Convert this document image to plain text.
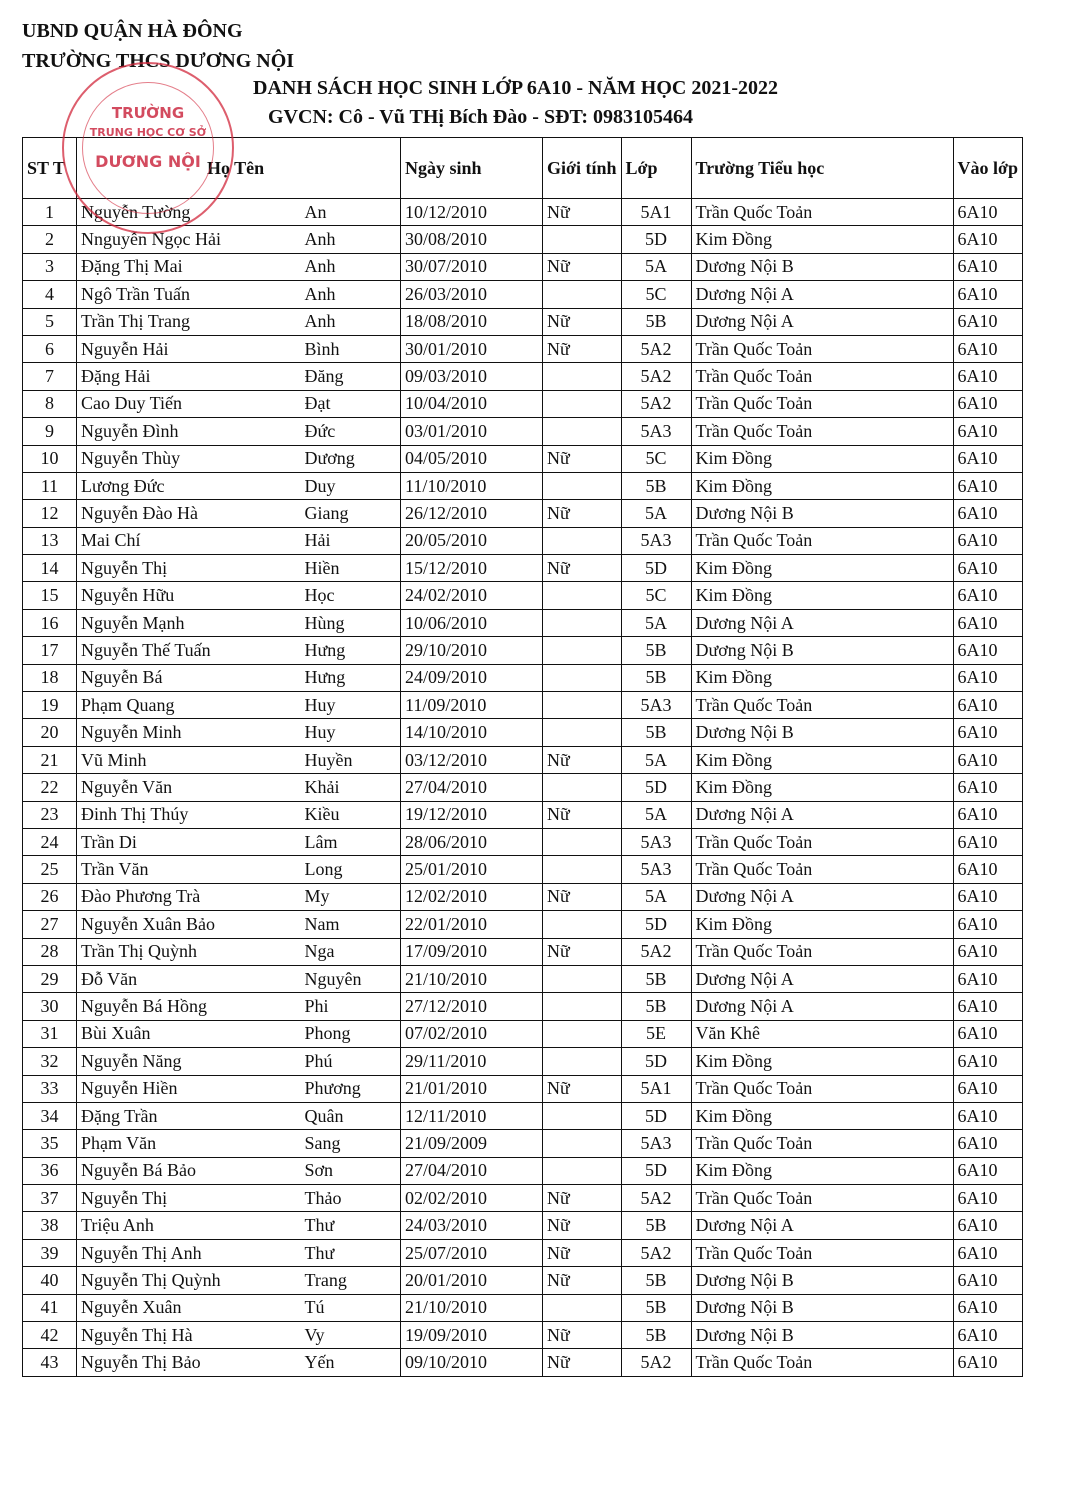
UBND QUẬN HÀ ĐÔNG
TRƯỜNG THCS DƯƠNG NỘI
DANH SÁCH HỌC SINH LỚP 6A10 - NĂM HỌC 2021-2022
GVCN: Cô - Vũ THị Bích Đào - SĐT: 0983105464
ST T	Họ Tên		Ngày sinh	Giới tính	Lớp	Trường Tiểu học	Vào lớp
1	Nguyễn Tường	An	10/12/2010	Nữ	5A1	Trần Quốc Toản	6A10
2	Nnguyễn Ngọc Hải	Anh	30/08/2010		5D	Kim Đồng	6A10
3	Đặng Thị Mai	Anh	30/07/2010	Nữ	5A	Dương Nội B	6A10
4	Ngô Trần Tuấn	Anh	26/03/2010		5C	Dương Nội A	6A10
5	Trần Thị Trang	Anh	18/08/2010	Nữ	5B	Dương Nội A	6A10
6	Nguyễn Hải	Bình	30/01/2010	Nữ	5A2	Trần Quốc Toản	6A10
7	Đặng Hải	Đăng	09/03/2010		5A2	Trần Quốc Toản	6A10
8	Cao Duy Tiến	Đạt	10/04/2010		5A2	Trần Quốc Toản	6A10
9	Nguyễn Đình	Đức	03/01/2010		5A3	Trần Quốc Toản	6A10
10	Nguyễn Thùy	Dương	04/05/2010	Nữ	5C	Kim Đồng	6A10
11	Lương Đức	Duy	11/10/2010		5B	Kim Đồng	6A10
12	Nguyễn Đào Hà	Giang	26/12/2010	Nữ	5A	Dương Nội B	6A10
13	Mai Chí	Hải	20/05/2010		5A3	Trần Quốc Toản	6A10
14	Nguyễn Thị	Hiền	15/12/2010	Nữ	5D	Kim Đồng	6A10
15	Nguyễn Hữu	Học	24/02/2010		5C	Kim Đồng	6A10
16	Nguyễn Mạnh	Hùng	10/06/2010		5A	Dương Nội A	6A10
17	Nguyễn Thế Tuấn	Hưng	29/10/2010		5B	Dương Nội B	6A10
18	Nguyễn Bá	Hưng	24/09/2010		5B	Kim Đồng	6A10
19	Phạm Quang	Huy	11/09/2010		5A3	Trần Quốc Toản	6A10
20	Nguyễn Minh	Huy	14/10/2010		5B	Dương Nội B	6A10
21	Vũ Minh	Huyền	03/12/2010	Nữ	5A	Kim Đồng	6A10
22	Nguyễn Văn	Khải	27/04/2010		5D	Kim Đồng	6A10
23	Đinh Thị Thúy	Kiều	19/12/2010	Nữ	5A	Dương Nội A	6A10
24	Trần Di	Lâm	28/06/2010		5A3	Trần Quốc Toản	6A10
25	Trần Văn	Long	25/01/2010		5A3	Trần Quốc Toản	6A10
26	Đào Phương Trà	My	12/02/2010	Nữ	5A	Dương Nội A	6A10
27	Nguyễn Xuân Bảo	Nam	22/01/2010		5D	Kim Đồng	6A10
28	Trần Thị Quỳnh	Nga	17/09/2010	Nữ	5A2	Trần Quốc Toản	6A10
29	Đỗ Văn	Nguyên	21/10/2010		5B	Dương Nội A	6A10
30	Nguyễn Bá Hồng	Phi	27/12/2010		5B	Dương Nội A	6A10
31	Bùi Xuân	Phong	07/02/2010		5E	Văn Khê	6A10
32	Nguyễn Năng	Phú	29/11/2010		5D	Kim Đồng	6A10
33	Nguyễn Hiền	Phương	21/01/2010	Nữ	5A1	Trần Quốc Toản	6A10
34	Đặng Trần	Quân	12/11/2010		5D	Kim Đồng	6A10
35	Phạm Văn	Sang	21/09/2009		5A3	Trần Quốc Toản	6A10
36	Nguyễn Bá Bảo	Sơn	27/04/2010		5D	Kim Đồng	6A10
37	Nguyễn Thị	Thảo	02/02/2010	Nữ	5A2	Trần Quốc Toản	6A10
38	Triệu Anh	Thư	24/03/2010	Nữ	5B	Dương Nội A	6A10
39	Nguyễn Thị Anh	Thư	25/07/2010	Nữ	5A2	Trần Quốc Toản	6A10
40	Nguyễn Thị Quỳnh	Trang	20/01/2010	Nữ	5B	Dương Nội B	6A10
41	Nguyễn Xuân	Tú	21/10/2010		5B	Dương Nội B	6A10
42	Nguyễn Thị Hà	Vy	19/09/2010	Nữ	5B	Dương Nội B	6A10
43	Nguyễn Thị Bảo	Yến	09/10/2010	Nữ	5A2	Trần Quốc Toản	6A10
TRƯỜNG
TRUNG HỌC CƠ SỞ
DƯƠNG NỘI
